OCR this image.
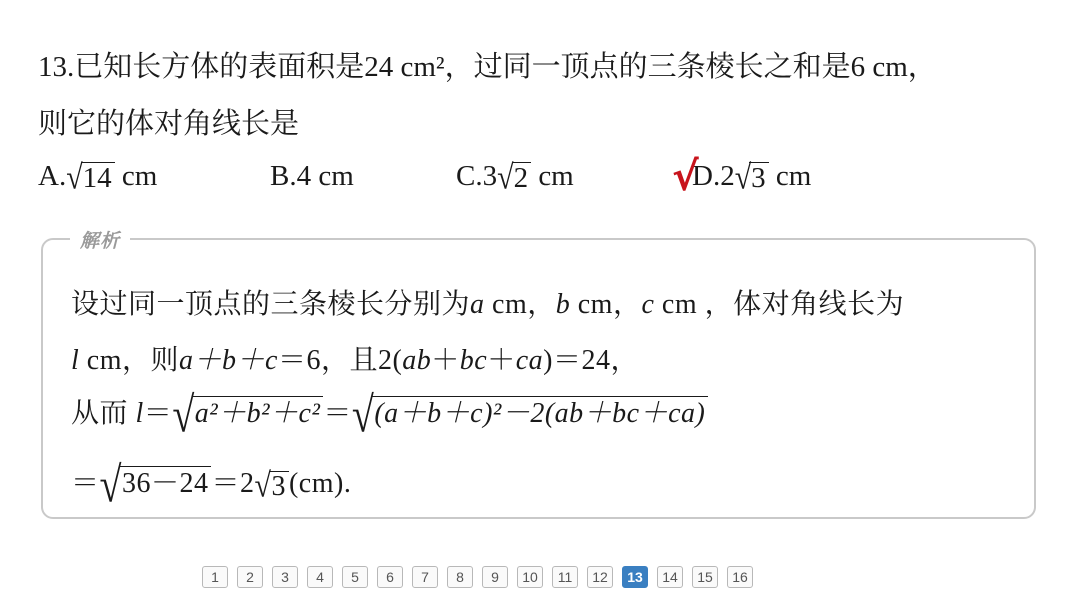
13.已知长方体的表面积是24 cm²，过同一顶点的三条棱长之和是6 cm，
则它的体对角线长是
A.√14 cm	B.4 cm	C.3√2 cm	D.2√3 cm
√
解析
设过同一顶点的三条棱长分别为a cm，b cm，c cm ，体对角线长为
l cm，则a＋b＋c＝6，且2(ab＋bc＋ca)＝24，
从而 l＝√a²＋b²＋c² ＝√(a＋b＋c)²－2(ab＋bc＋ca)
＝√36－24 ＝2√3 (cm).
1	2	3	4	5	6	7	8	9	10	11	12	13	14	15	16
